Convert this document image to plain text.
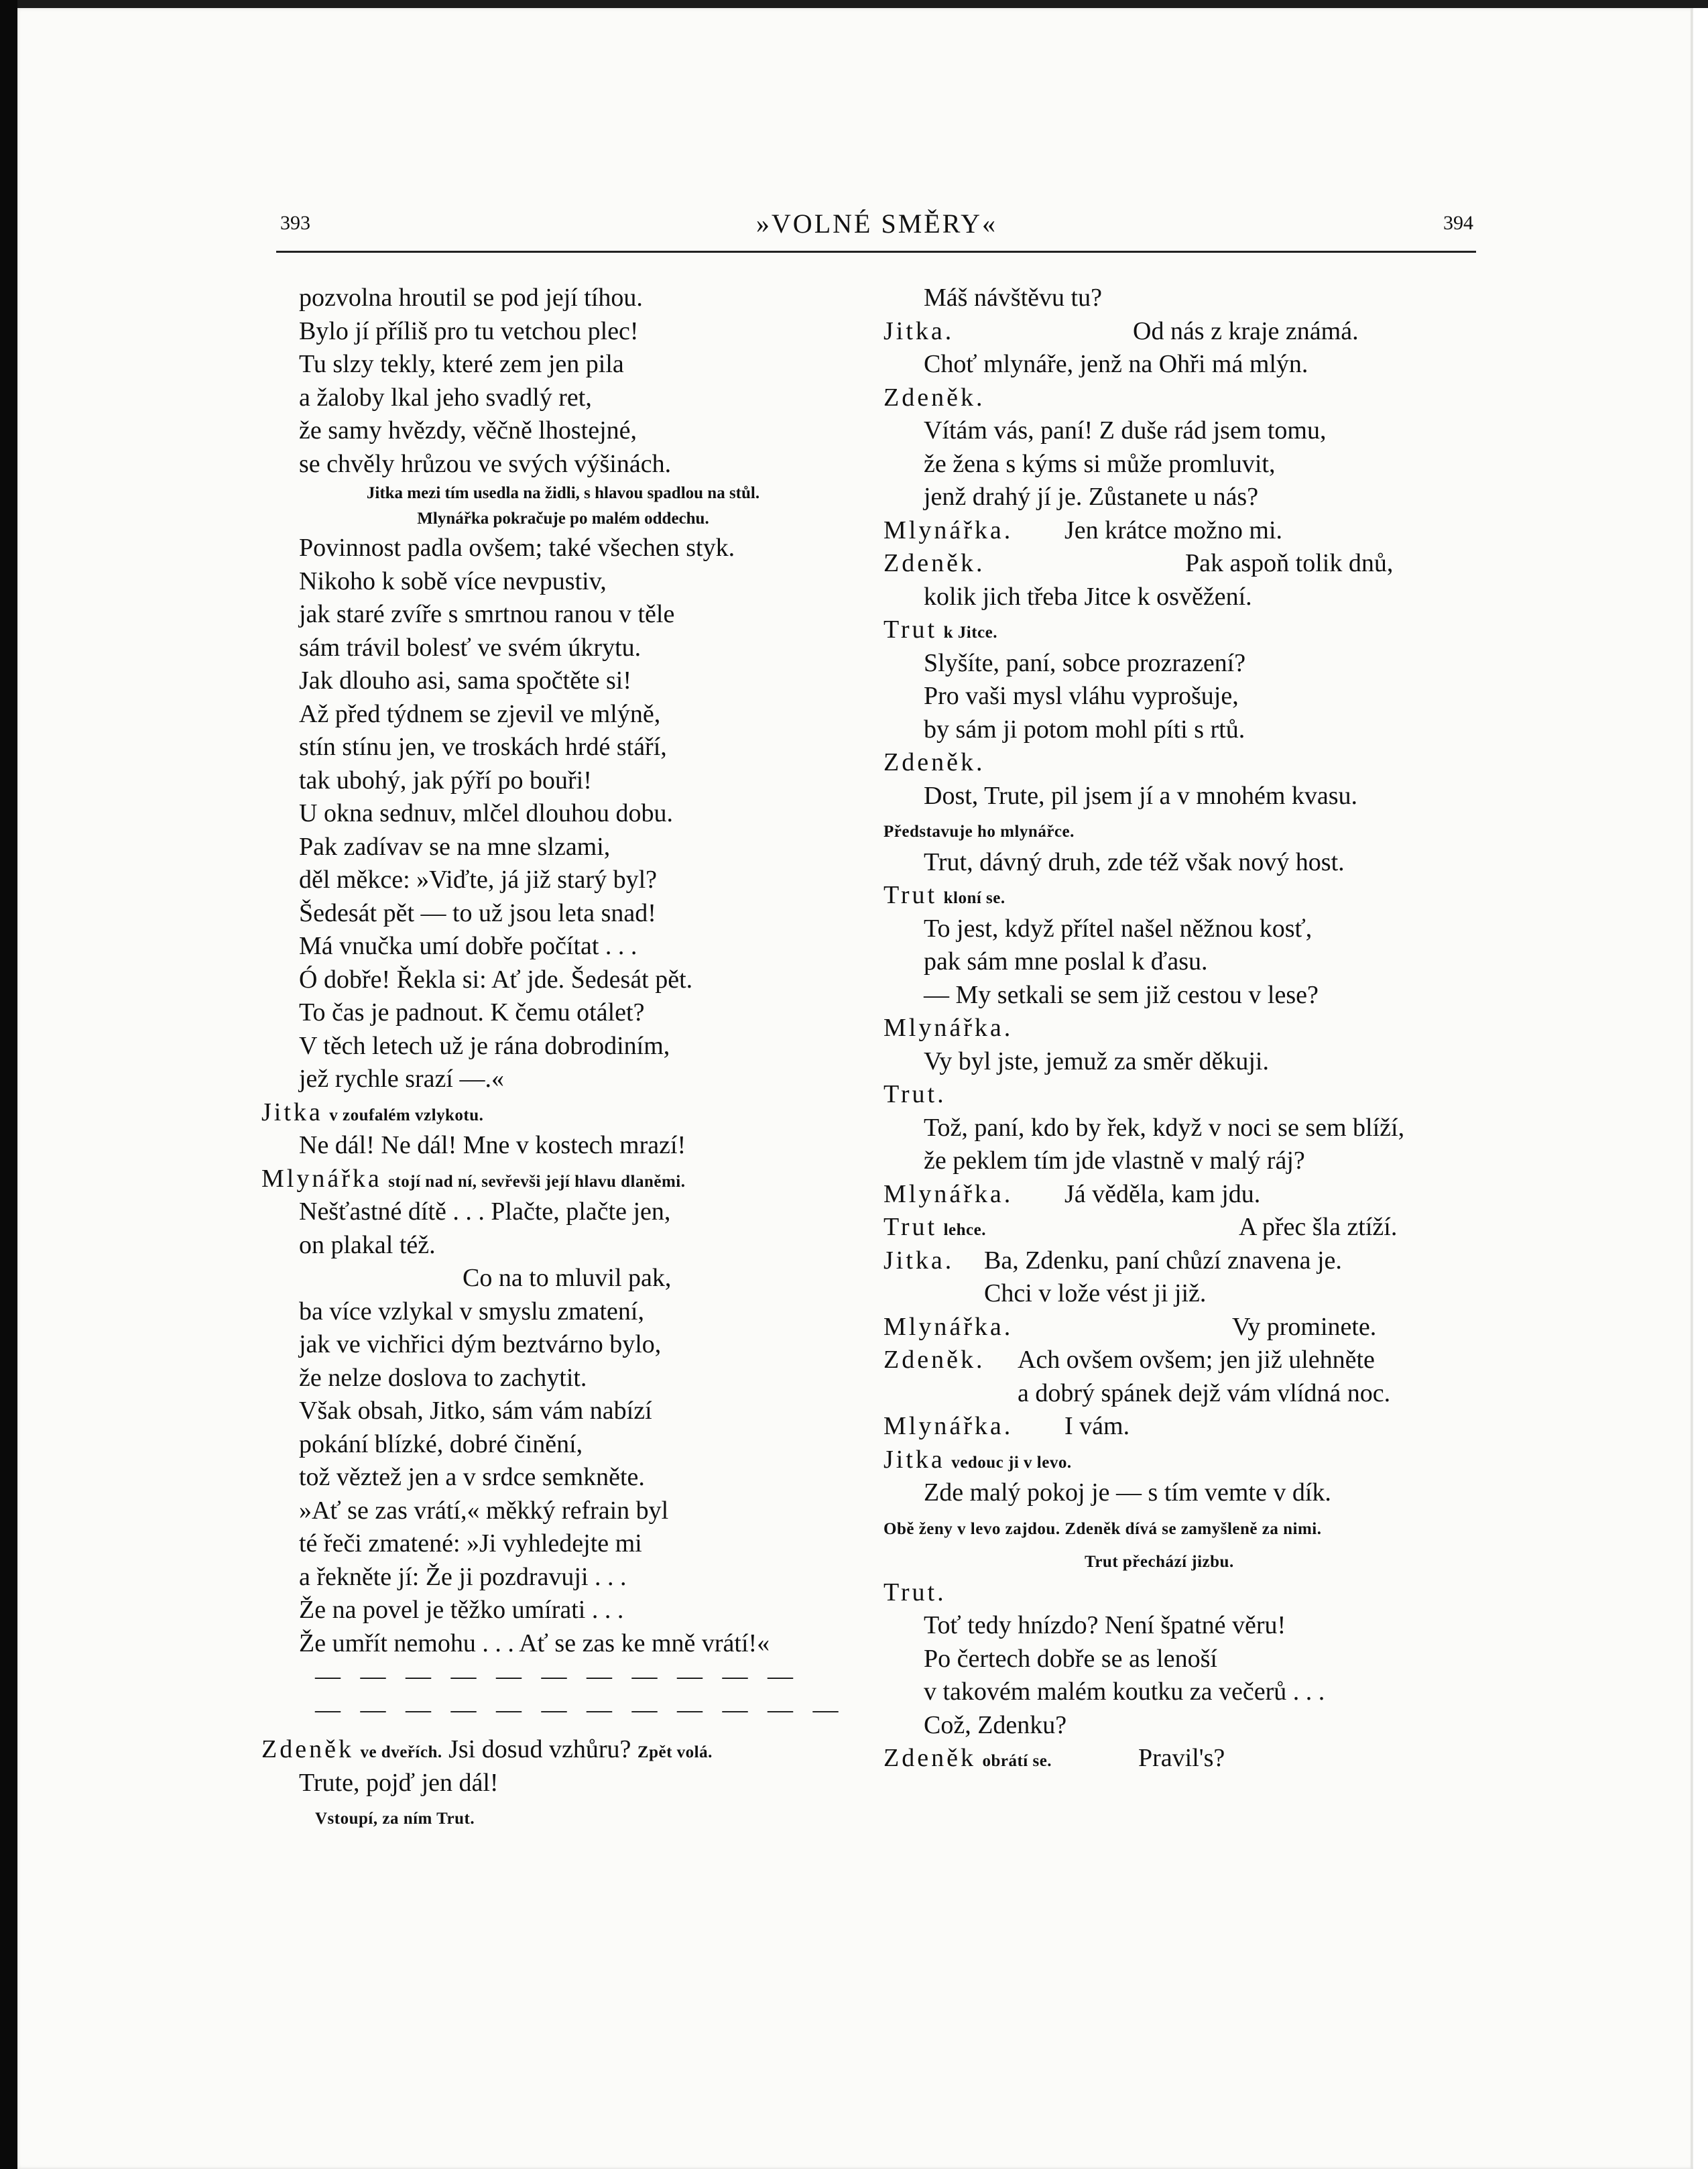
393	»VOLNÉ SMĚRY«	394
pozvolna hroutil se pod její tíhou.
Bylo jí příliš pro tu vetchou plec!
Tu slzy tekly, které zem jen pila
a žaloby lkal jeho svadlý ret,
že samy hvězdy, věčně lhostejné,
se chvěly hrůzou ve svých výšinách.
Jitka mezi tím usedla na židli, s hlavou spadlou na stůl.
Mlynářka pokračuje po malém oddechu.
Povinnost padla ovšem; také všechen styk.
Nikoho k sobě více nevpustiv,
jak staré zvíře s smrtnou ranou v těle
sám trávil bolesť ve svém úkrytu.
Jak dlouho asi, sama spočtěte si!
Až před týdnem se zjevil ve mlýně,
stín stínu jen, ve troskách hrdé stáří,
tak ubohý, jak pýří po bouři!
U okna sednuv, mlčel dlouhou dobu.
Pak zadívav se na mne slzami,
děl měkce: »Viďte, já již starý byl?
Šedesát pět — to už jsou leta snad!
Má vnučka umí dobře počítat . . .
Ó dobře! Řekla si: Ať jde. Šedesát pět.
To čas je padnout. K čemu otálet?
V těch letech už je rána dobrodiním,
jež rychle srazí —.«
Jitka v zoufalém vzlykotu.
Ne dál! Ne dál! Mne v kostech mrazí!
Mlynářka stojí nad ní, sevřevši její hlavu dlaněmi.
Nešťastné dítě . . . Plačte, plačte jen,
on plakal též.
Co na to mluvil pak,
ba více vzlykal v smyslu zmatení,
jak ve vichřici dým beztvárno bylo,
že nelze doslova to zachytit.
Však obsah, Jitko, sám vám nabízí
pokání blízké, dobré činění,
tož věztež jen a v srdce semkněte.
»Ať se zas vrátí,« měkký refrain byl
té řeči zmatené: »Ji vyhledejte mi
a řekněte jí: Že ji pozdravuji . . .
Že na povel je těžko umírati . . .
Že umřít nemohu . . . Ať se zas ke mně vrátí!«
— — — — — — — — — — —
— — — — — — — — — — — —
Zdeněk ve dveřích. Jsi dosud vzhůru? Zpět volá.
Trute, pojď jen dál!
Vstoupí, za ním Trut.
Máš návštěvu tu?
Jitka.	Od nás z kraje známá.
Choť mlynáře, jenž na Ohři má mlýn.
Zdeněk.
Vítám vás, paní! Z duše rád jsem tomu,
že žena s kýms si může promluvit,
jenž drahý jí je. Zůstanete u nás?
Mlynářka. Jen krátce možno mi.
Zdeněk.	Pak aspoň tolik dnů,
kolik jich třeba Jitce k osvěžení.
Trut k Jitce.
Slyšíte, paní, sobce prozrazení?
Pro vaši mysl vláhu vyprošuje,
by sám ji potom mohl píti s rtů.
Zdeněk.
Dost, Trute, pil jsem jí a v mnohém kvasu.
Představuje ho mlynářce.
Trut, dávný druh, zde též však nový host.
Trut kloní se.
To jest, když přítel našel něžnou kosť,
pak sám mne poslal k ďasu.
— My setkali se sem již cestou v lese?
Mlynářka.
Vy byl jste, jemuž za směr děkuji.
Trut.
Tož, paní, kdo by řek, když v noci se sem blíží,
že peklem tím jde vlastně v malý ráj?
Mlynářka. Já věděla, kam jdu.
Trut lehce.	A přec šla ztíží.
Jitka. Ba, Zdenku, paní chůzí znavena je.
Chci v lože vést ji již.
Mlynářka.	Vy prominete.
Zdeněk. Ach ovšem ovšem; jen již ulehněte
a dobrý spánek dejž vám vlídná noc.
Mlynářka. I vám.
Jitka vedouc ji v levo.
Zde malý pokoj je — s tím vemte v dík.
Obě ženy v levo zajdou. Zdeněk dívá se zamyšleně za nimi.
Trut přechází jizbu.
Trut.
Toť tedy hnízdo? Není špatné věru!
Po čertech dobře se as lenoší
v takovém malém koutku za večerů . . .
Což, Zdenku?
Zdeněk obrátí se.	Pravil's?
